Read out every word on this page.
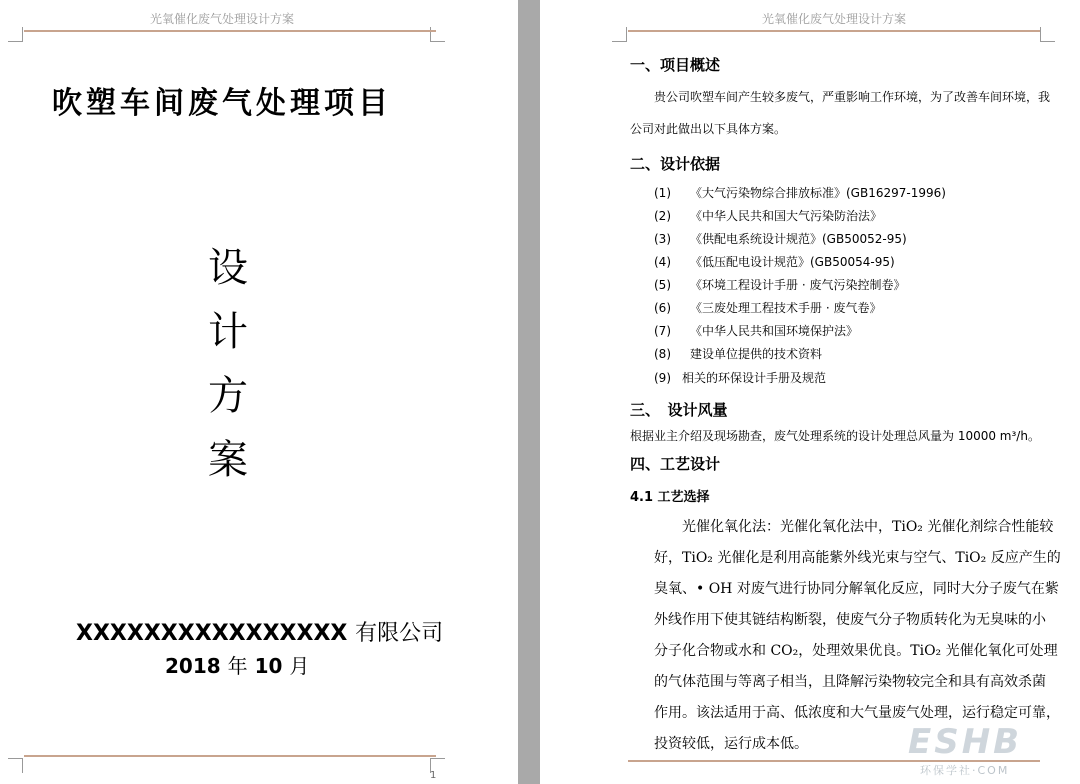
光氧催化废气处理设计方案
吹塑车间废气处理项目
设
计
方
案
XXXXXXXXXXXXXXXX 有限公司
2018 年 10 月
1
光氧催化废气处理设计方案
一、项目概述
贵公司吹塑车间产生较多废气，严重影响工作环境，为了改善车间环境，我
公司对此做出以下具体方案。
二、设计依据
(1) 《大气污染物综合排放标准》(GB16297-1996)
(2) 《中华人民共和国大气污染防治法》
(3) 《供配电系统设计规范》(GB50052-95)
(4) 《低压配电设计规范》(GB50054-95)
(5) 《环境工程设计手册 · 废气污染控制卷》
(6) 《三废处理工程技术手册 · 废气卷》
(7) 《中华人民共和国环境保护法》
(8) 建设单位提供的技术资料
(9) 相关的环保设计手册及规范
三、　设计风量
根据业主介绍及现场勘查，废气处理系统的设计处理总风量为 10000 m³/h。
四、工艺设计
4.1 工艺选择
　　光催化氧化法：光催化氧化法中，TiO₂ 光催化剂综合性能较
好，TiO₂ 光催化是利用高能紫外线光束与空气、TiO₂ 反应产生的
臭氧、• OH 对废气进行协同分解氧化反应，同时大分子废气在紫
外线作用下使其链结构断裂，使废气分子物质转化为无臭味的小
分子化合物或水和 CO₂，处理效果优良。TiO₂ 光催化氧化可处理
的气体范围与等离子相当，且降解污染物较完全和具有高效杀菌
作用。该法适用于高、低浓度和大气量废气处理，运行稳定可靠，
投资较低，运行成本低。	ESHB
环保学社·COM
